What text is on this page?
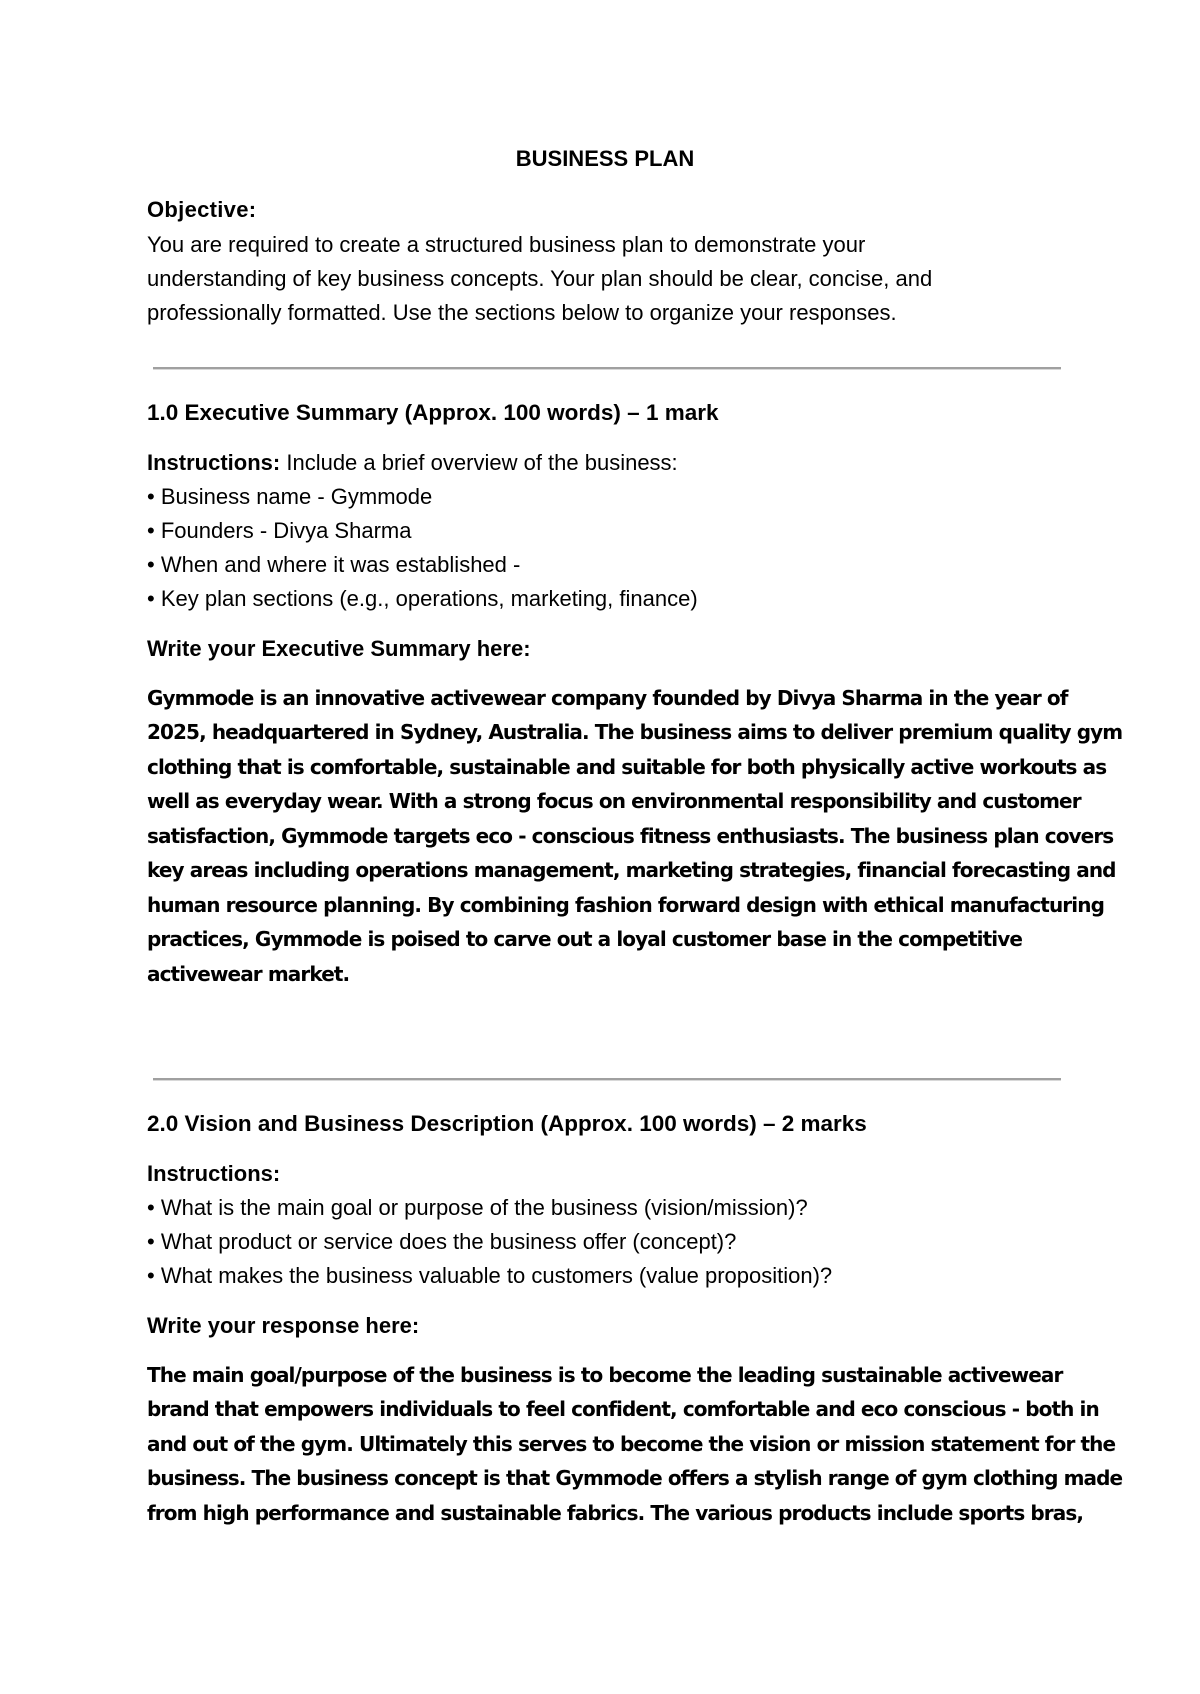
BUSINESS PLAN
Objective:
You are required to create a structured business plan to demonstrate your
understanding of key business concepts. Your plan should be clear, concise, and
professionally formatted. Use the sections below to organize your responses.
1.0 Executive Summary (Approx. 100 words) – 1 mark
Instructions: Include a brief overview of the business:
• Business name - Gymmode
• Founders - Divya Sharma
• When and where it was established -
• Key plan sections (e.g., operations, marketing, finance)
Write your Executive Summary here:
Gymmode is an innovative activewear company founded by Divya Sharma in the year of
2025, headquartered in Sydney, Australia. The business aims to deliver premium quality gym
clothing that is comfortable, sustainable and suitable for both physically active workouts as
well as everyday wear. With a strong focus on environmental responsibility and customer
satisfaction, Gymmode targets eco - conscious fitness enthusiasts. The business plan covers
key areas including operations management, marketing strategies, financial forecasting and
human resource planning. By combining fashion forward design with ethical manufacturing
practices, Gymmode is poised to carve out a loyal customer base in the competitive
activewear market.
2.0 Vision and Business Description (Approx. 100 words) – 2 marks
Instructions:
• What is the main goal or purpose of the business (vision/mission)?
• What product or service does the business offer (concept)?
• What makes the business valuable to customers (value proposition)?
Write your response here:
The main goal/purpose of the business is to become the leading sustainable activewear
brand that empowers individuals to feel confident, comfortable and eco conscious - both in
and out of the gym. Ultimately this serves to become the vision or mission statement for the
business. The business concept is that Gymmode offers a stylish range of gym clothing made
from high performance and sustainable fabrics. The various products include sports bras,
